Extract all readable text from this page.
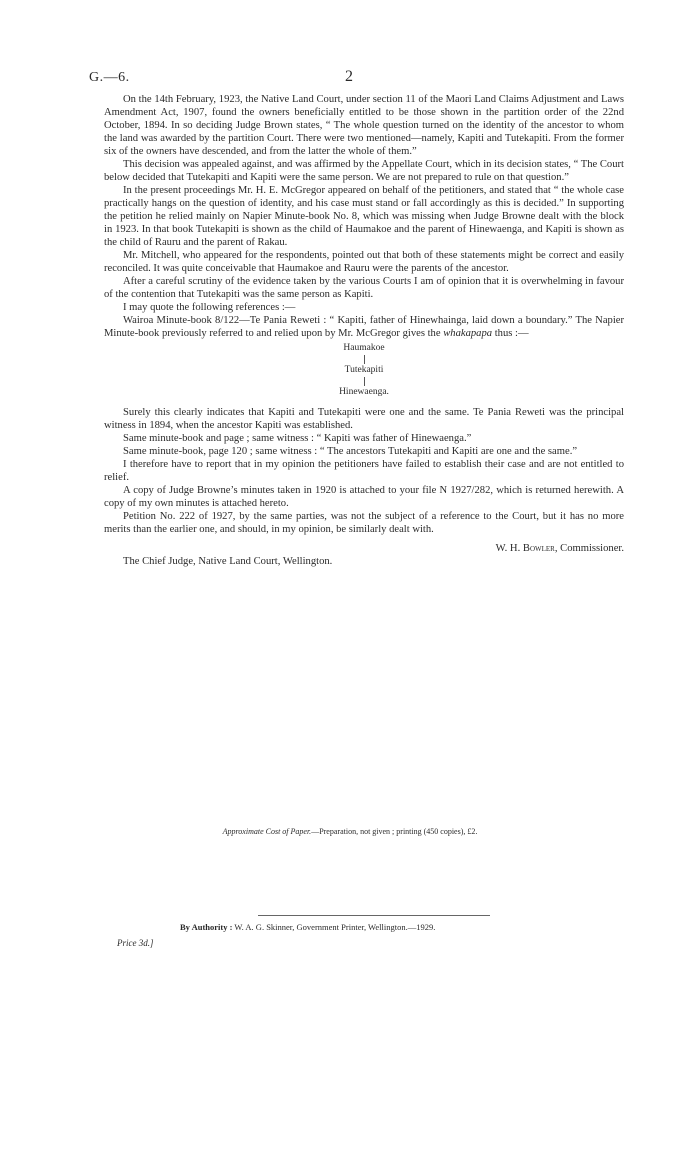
G.—6.	2

On the 14th February, 1923, the Native Land Court, under section 11 of the Maori Land Claims Adjustment and Laws Amendment Act, 1907, found the owners beneficially entitled to be those shown in the partition order of the 22nd October, 1894. In so deciding Judge Brown states, “ The whole question turned on the identity of the ancestor to whom the land was awarded by the partition Court. There were two mentioned—namely, Kapiti and Tutekapiti. From the former six of the owners have descended, and from the latter the whole of them.”

This decision was appealed against, and was affirmed by the Appellate Court, which in its decision states, “ The Court below decided that Tutekapiti and Kapiti were the same person. We are not prepared to rule on that question.”

In the present proceedings Mr. H. E. McGregor appeared on behalf of the petitioners, and stated that “ the whole case practically hangs on the question of identity, and his case must stand or fall accordingly as this is decided.” In supporting the petition he relied mainly on Napier Minute-book No. 8, which was missing when Judge Browne dealt with the block in 1923. In that book Tutekapiti is shown as the child of Haumakoe and the parent of Hinewaenga, and Kapiti is shown as the child of Rauru and the parent of Rakau.

Mr. Mitchell, who appeared for the respondents, pointed out that both of these statements might be correct and easily reconciled. It was quite conceivable that Haumakoe and Rauru were the parents of the ancestor.

After a careful scrutiny of the evidence taken by the various Courts I am of opinion that it is overwhelming in favour of the contention that Tutekapiti was the same person as Kapiti.

I may quote the following references :—

Wairoa Minute-book 8/122—Te Pania Reweti : “ Kapiti, father of Hinewhainga, laid down a boundary.” The Napier Minute-book previously referred to and relied upon by Mr. McGregor gives the whakapapa thus :—

Haumakoe
Tutekapiti
Hinewaenga.

Surely this clearly indicates that Kapiti and Tutekapiti were one and the same. Te Pania Reweti was the principal witness in 1894, when the ancestor Kapiti was established.

Same minute-book and page ; same witness : “ Kapiti was father of Hinewaenga.”

Same minute-book, page 120 ; same witness : “ The ancestors Tutekapiti and Kapiti are one and the same.”

I therefore have to report that in my opinion the petitioners have failed to establish their case and are not entitled to relief.

A copy of Judge Browne’s minutes taken in 1920 is attached to your file N 1927/282, which is returned herewith. A copy of my own minutes is attached hereto.

Petition No. 222 of 1927, by the same parties, was not the subject of a reference to the Court, but it has no more merits than the earlier one, and should, in my opinion, be similarly dealt with.

W. H. Bowler, Commissioner.

The Chief Judge, Native Land Court, Wellington.

Approximate Cost of Paper.—Preparation, not given ; printing (450 copies), £2.
By Authority : W. A. G. Skinner, Government Printer, Wellington.—1929.
Price 3d.]
